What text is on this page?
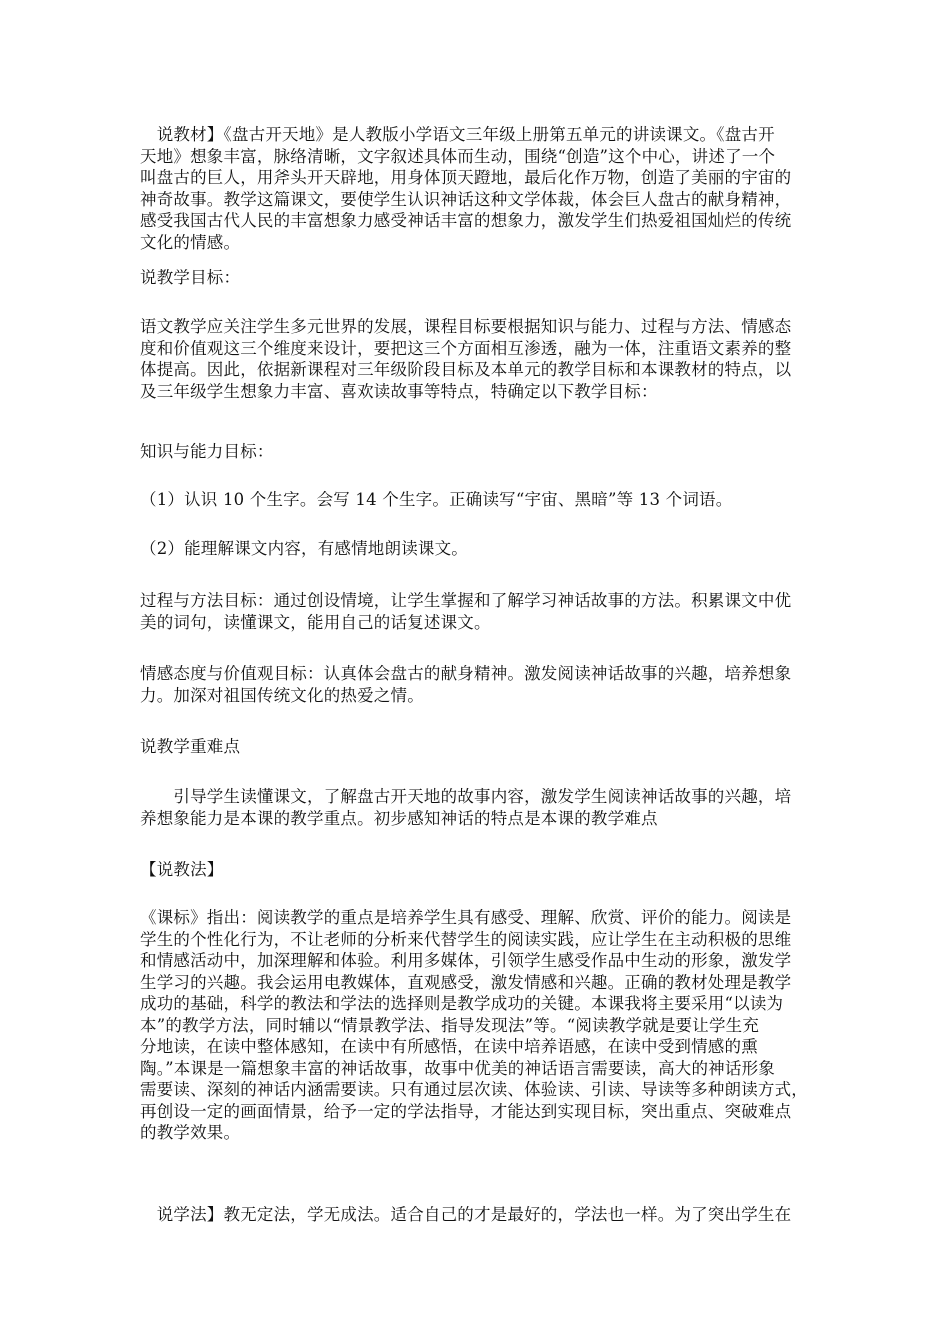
　说教材】《盘古开天地》是人教版小学语文三年级上册第五单元的讲读课文。《盘古开
天地》想象丰富，脉络清晰，文字叙述具体而生动，围绕“创造”这个中心，讲述了一个
叫盘古的巨人，用斧头开天辟地，用身体顶天蹬地，最后化作万物，创造了美丽的宇宙的
神奇故事。教学这篇课文，要使学生认识神话这种文学体裁，体会巨人盘古的献身精神，
感受我国古代人民的丰富想象力感受神话丰富的想象力，激发学生们热爱祖国灿烂的传统
文化的情感。
说教学目标：
语文教学应关注学生多元世界的发展，课程目标要根据知识与能力、过程与方法、情感态
度和价值观这三个维度来设计，要把这三个方面相互渗透，融为一体，注重语文素养的整
体提高。因此，依据新课程对三年级阶段目标及本单元的教学目标和本课教材的特点，以
及三年级学生想象力丰富、喜欢读故事等特点，特确定以下教学目标：
知识与能力目标：
（1）认识 10 个生字。会写 14 个生字。正确读写“宇宙、黑暗”等 13 个词语。
（2）能理解课文内容，有感情地朗读课文。
过程与方法目标：通过创设情境，让学生掌握和了解学习神话故事的方法。积累课文中优
美的词句，读懂课文，能用自己的话复述课文。
情感态度与价值观目标：认真体会盘古的献身精神。激发阅读神话故事的兴趣，培养想象
力。加深对祖国传统文化的热爱之情。
说教学重难点
　　引导学生读懂课文，了解盘古开天地的故事内容，激发学生阅读神话故事的兴趣，培
养想象能力是本课的教学重点。初步感知神话的特点是本课的教学难点
【说教法】
《课标》指出：阅读教学的重点是培养学生具有感受、理解、欣赏、评价的能力。阅读是
学生的个性化行为，不让老师的分析来代替学生的阅读实践，应让学生在主动积极的思维
和情感活动中，加深理解和体验。利用多媒体，引领学生感受作品中生动的形象，激发学
生学习的兴趣。我会运用电教媒体，直观感受，激发情感和兴趣。正确的教材处理是教学
成功的基础，科学的教法和学法的选择则是教学成功的关键。本课我将主要采用“以读为
本”的教学方法，同时辅以“情景教学法、指导发现法”等。“阅读教学就是要让学生充
分地读，在读中整体感知，在读中有所感悟，在读中培养语感，在读中受到情感的熏
陶。”本课是一篇想象丰富的神话故事，故事中优美的神话语言需要读，高大的神话形象
需要读、深刻的神话内涵需要读。只有通过层次读、体验读、引读、导读等多种朗读方式，
再创设一定的画面情景，给予一定的学法指导，才能达到实现目标，突出重点、突破难点
的教学效果。
　说学法】教无定法，学无成法。适合自己的才是最好的，学法也一样。为了突出学生在
